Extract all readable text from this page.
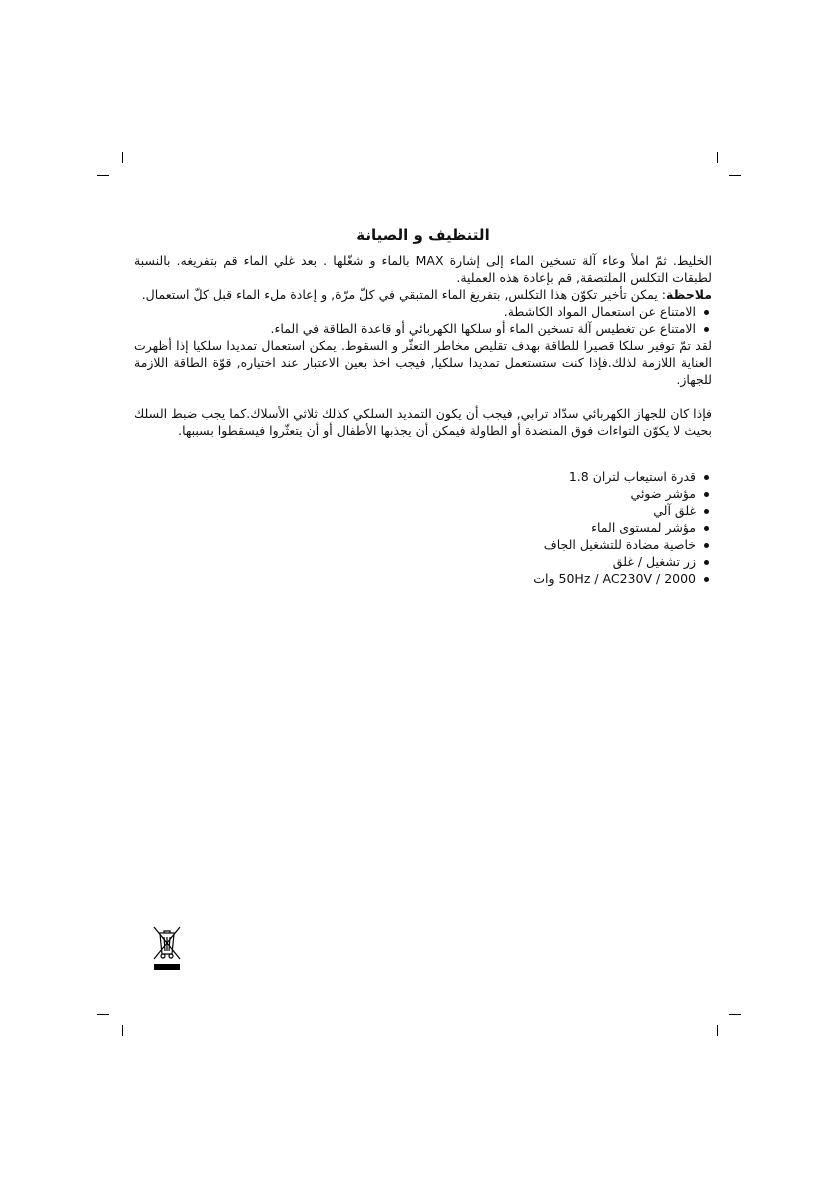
التنظيف و الصيانة

الخليط. ثمّ املأ وعاء آلة تسخين الماء إلى إشارة MAX بالماء و شغّلها . بعد غلي الماء قم بتفريغه. بالنسبة لطبقات التكلس الملتصقة, قم بإعادة هذه العملية.

ملاحظة: يمكن تأخير تكوّن هذا التكلس, بتفريغ الماء المتبقي في كلّ مرّة, و إعادة ملء الماء قبل كلّ استعمال.

الامتناع عن استعمال المواد الكاشطة.
الامتناع عن تغطيس آلة تسخين الماء أو سلكها الكهربائي أو قاعدة الطاقة في الماء.

لقد تمّ توفير سلكا قصيرا للطاقة بهدف تقليص مخاطر التعثّر و السقوط. يمكن استعمال تمديدا سلكيا إذا أظهرت العناية اللازمة لذلك.فإذا كنت ستستعمل تمديدا سلكيا, فيجب اخذ بعين الاعتبار عند اختياره, قوّة الطاقة اللازمة للجهاز.

فإذا كان للجهاز الكهربائي سدّاد ترابي, فيجب أن يكون التمديد السلكي كذلك ثلاثي الأسلاك.كما يجب ضبط السلك بحيث لا يكوّن التواءات فوق المنضدة أو الطاولة فيمكن أن يجذبها الأطفال أو أن يتعثّروا فيسقطوا بسببها.

قدرة استيعاب لتران 1.8
مؤشر ضوئي
غلق آلي
مؤشر لمستوى الماء
خاصية مضادة للتشغيل الجاف
زر تشغيل / غلق
2000 / 50Hz / AC230V وات
